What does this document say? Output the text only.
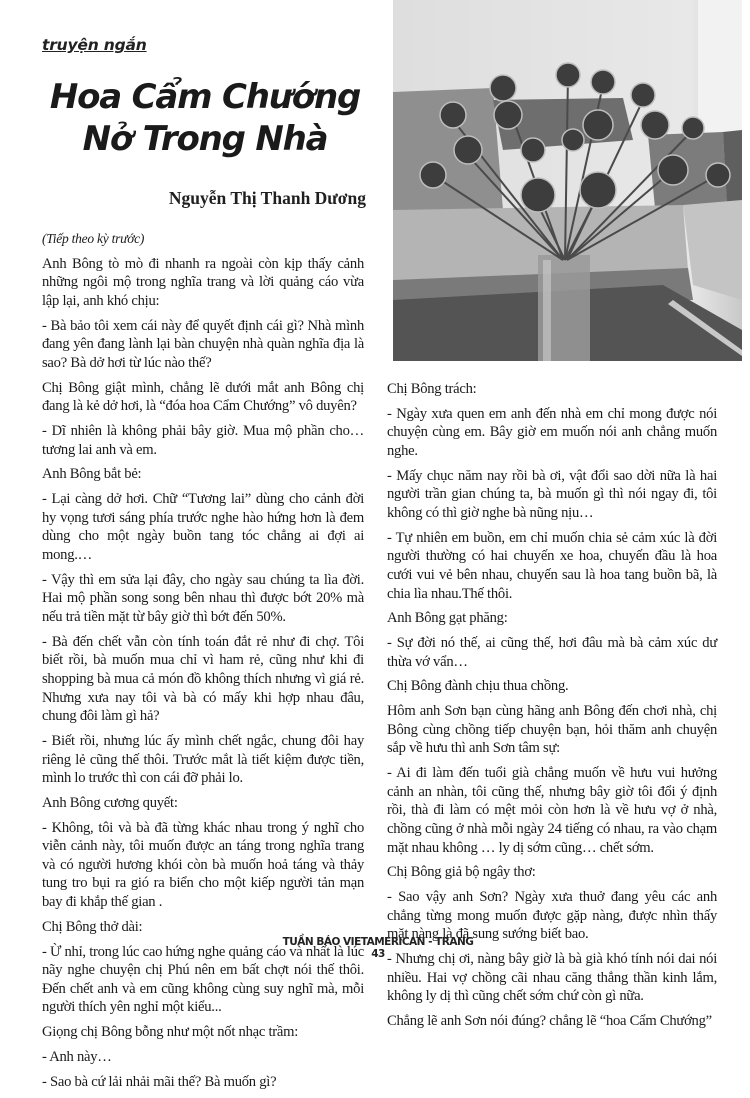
truyện ngắn
Hoa Cẩm Chướng
Nở Trong Nhà
Nguyễn Thị Thanh Dương

(Tiếp theo kỳ trước)

Anh Bông tò mò đi nhanh ra ngoài còn kịp thấy cảnh những ngôi mộ trong nghĩa trang và lời quảng cáo vừa lập lại, anh khó chịu:

- Bà bảo tôi xem cái này để quyết định cái gì? Nhà mình đang yên đang lành lại bàn chuyện nhà quàn nghĩa địa là sao? Bà dở hơi từ lúc nào thế?

Chị Bông giật mình, chẳng lẽ dưới mắt anh Bông chị đang là kẻ dở hơi, là “đóa hoa Cẩm Chướng” vô duyên?

- Dĩ nhiên là không phải bây giờ. Mua mộ phần cho…tương lai anh và em.

Anh Bông bắt bẻ:

- Lại càng dở hơi. Chữ “Tương lai” dùng cho cảnh đời hy vọng tươi sáng phía trước nghe hào hứng hơn là đem dùng cho một ngày buồn tang tóc chẳng ai đợi ai mong.…

- Vậy thì em sửa lại đây, cho ngày sau chúng ta lìa đời. Hai mộ phần song song bên nhau thì được bớt 20% mà nếu trả tiền mặt từ bây giờ thì bớt đến 50%.

- Bà đến chết vẫn còn tính toán đắt rẻ như đi chợ. Tôi biết rồi, bà muốn mua chỉ vì ham rẻ, cũng như khi đi shopping bà mua cả món đồ không thích nhưng vì giá rẻ. Nhưng xưa nay tôi và bà có mấy khi hợp nhau đâu, chung đôi làm gì hả?

- Biết rồi, nhưng lúc ấy mình chết ngắc, chung đôi hay riêng lẻ cũng thế thôi. Trước mắt là tiết kiệm được tiền, mình lo trước thì con cái đỡ phải lo.

Anh Bông cương quyết:

- Không, tôi và bà đã từng khác nhau trong ý nghĩ cho viễn cảnh này, tôi muốn được an táng trong nghĩa trang và có người hương khói còn bà muốn hoả táng và thảy tung tro bụi ra gió ra biển cho một kiếp người tản mạn bay đi khắp thế gian .

Chị Bông thở dài:

- Ừ nhỉ, trong lúc cao hứng nghe quảng cáo và nhất là lúc nãy nghe chuyện chị Phú nên em bất chợt nói thế thôi. Đến chết anh và em cũng không cùng suy nghĩ mà, mỗi người thích yên nghỉ một kiểu...

Giọng chị Bông bỗng như một nốt nhạc trầm:

- Anh này…

- Sao bà cứ lải nhải mãi thế? Bà muốn gì?

Chị Bông trách:

- Ngày xưa quen em anh đến nhà em chỉ mong được nói chuyện cùng em. Bây giờ em muốn nói anh chẳng muốn nghe.

- Mấy chục năm nay rồi bà ơi, vật đổi sao dời nữa là hai người trần gian chúng ta, bà muốn gì thì nói ngay đi, tôi không có thì giờ nghe bà nũng nịu…

- Tự nhiên em buồn, em chỉ muốn chia sẻ cảm xúc là đời người thường có hai chuyến xe hoa, chuyến đầu là hoa cưới vui vẻ bên nhau, chuyến sau là hoa tang buồn bã, là chia lìa nhau.Thế thôi.

Anh Bông gạt phăng:

- Sự đời nó thế, ai cũng thế, hơi đâu mà bà cảm xúc dư thừa vớ vẩn…

Chị Bông đành chịu thua chồng.

Hôm anh Sơn bạn cùng hãng anh Bông đến chơi nhà, chị Bông cùng chồng tiếp chuyện bạn, hỏi thăm anh chuyện sắp về hưu thì anh Sơn tâm sự:

- Ai đi làm đến tuổi già chẳng muốn về hưu vui hưởng cảnh an nhàn, tôi cũng thế, nhưng bây giờ tôi đổi ý định rồi, thà đi làm có mệt mỏi còn hơn là về hưu vợ ở nhà, chồng cũng ở nhà mỗi ngày 24 tiếng có nhau, ra vào chạm mặt nhau không … ly dị sớm cũng… chết sớm.

Chị Bông giả bộ ngây thơ:

- Sao vậy anh Sơn? Ngày xưa thuở đang yêu các anh chẳng từng mong muốn được gặp nàng, được nhìn thấy mặt nàng là đã sung sướng biết bao.

- Nhưng chị ơi, nàng bây giờ là bà già khó tính nói dai nói nhiều. Hai vợ chồng cãi nhau căng thẳng thần kinh lắm, không ly dị thì cũng chết sớm chứ còn gì nữa.

Chẳng lẽ anh Sơn nói đúng? chẳng lẽ “hoa Cẩm Chướng”

TUẦN BÁO VIETAMERICAN - TRANG 43
